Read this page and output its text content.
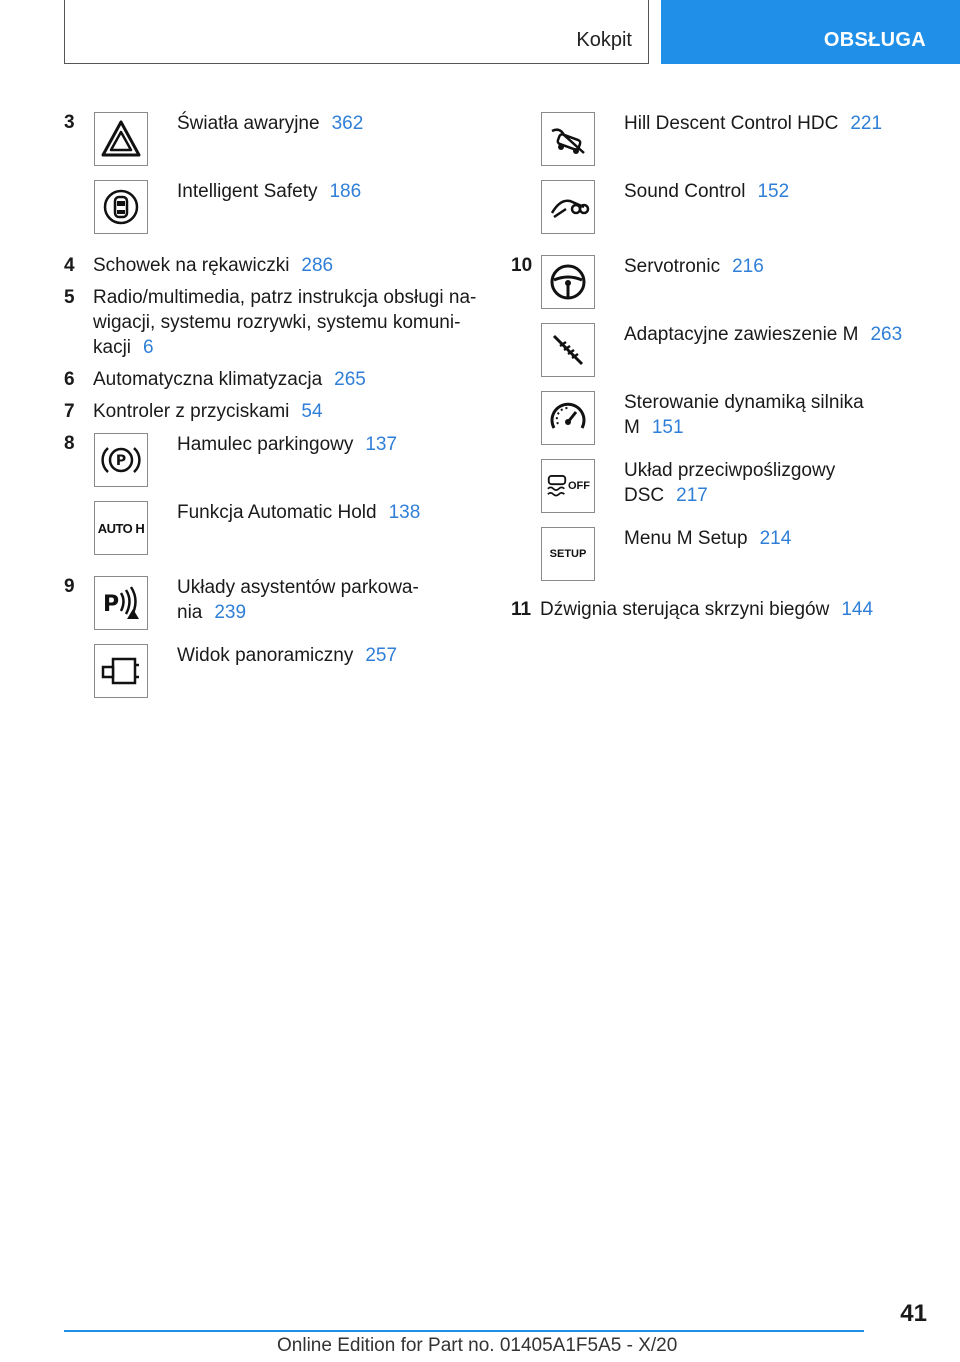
Kokpit	OBSŁUGA
3	Światła awaryjne 362
Intelligent Safety 186
4 Schowek na rękawiczki 286
5 Radio/multimedia, patrz instrukcja obsługi na-
wigacji, systemu rozrywki, systemu komuni-
kacji 6
6 Automatyczna klimatyzacja 265
7 Kontroler z przyciskami 54
8
P
Hamulec parkingowy 137
AUTO H
Funkcja Automatic Hold 138
9
P
Układy asystentów parkowa-
nia 239
Widok panoramiczny 257
Hill Descent Control HDC 221
Sound Control 152
10	Servotronic 216
Adaptacyjne zawieszenie M 263
Sterowanie dynamiką silnika
M 151
OFF
Układ przeciwpoślizgowy
DSC 217
SETUP
Menu M Setup 214
11 Dźwignia sterująca skrzyni biegów 144
41
Online Edition for Part no. 01405A1F5A5 - X/20
